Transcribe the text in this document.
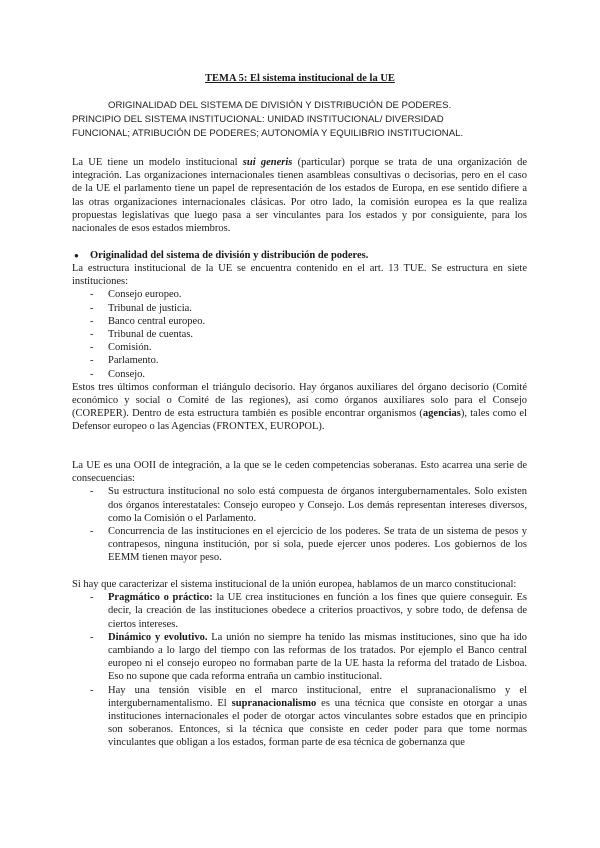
TEMA 5: El sistema institucional de la UE
ORIGINALIDAD DEL SISTEMA DE DIVISIÓN Y DISTRIBUCIÓN DE PODERES.
PRINCIPIO DEL SISTEMA INSTITUCIONAL: UNIDAD INSTITUCIONAL/ DIVERSIDAD
FUNCIONAL; ATRIBUCIÓN DE PODERES; AUTONOMÍA Y EQUILIBRIO INSTITUCIONAL.
La UE tiene un modelo institucional sui generis (particular) porque se trata de una organización de integración. Las organizaciones internacionales tienen asambleas consultivas o decisorias, pero en el caso de la UE el parlamento tiene un papel de representación de los estados de Europa, en ese sentido difiere a las otras organizaciones internacionales clásicas. Por otro lado, la comisión europea es la que realiza propuestas legislativas que luego pasa a ser vinculantes para los estados y por consiguiente, para los nacionales de esos estados miembros.
● Originalidad del sistema de división y distribución de poderes.
La estructura institucional de la UE se encuentra contenido en el art. 13 TUE. Se estructura en siete instituciones:
- Consejo europeo.
- Tribunal de justicia.
- Banco central europeo.
- Tribunal de cuentas.
- Comisión.
- Parlamento.
- Consejo.
Estos tres últimos conforman el triángulo decisorio. Hay órganos auxiliares del órgano decisorio (Comité económico y social o Comité de las regiones), así como órganos auxiliares solo para el Consejo (COREPER). Dentro de esta estructura también es posible encontrar organismos (agencias), tales como el Defensor europeo o las Agencias (FRONTEX, EUROPOL).
La UE es una OOII de integración, a la que se le ceden competencias soberanas. Esto acarrea una serie de consecuencias:
- Su estructura institucional no solo está compuesta de órganos intergubernamentales. Solo existen dos órganos interestatales: Consejo europeo y Consejo. Los demás representan intereses diversos, como la Comisión o el Parlamento.
- Concurrencia de las instituciones en el ejercicio de los poderes. Se trata de un sistema de pesos y contrapesos, ninguna institución, por si sola, puede ejercer unos poderes. Los gobiernos de los EEMM tienen mayor peso.
Si hay que caracterizar el sistema institucional de la unión europea, hablamos de un marco constitucional:
- Pragmático o práctico: la UE crea instituciones en función a los fines que quiere conseguir. Es decir, la creación de las instituciones obedece a criterios proactivos, y sobre todo, de defensa de ciertos intereses.
- Dinámico y evolutivo. La unión no siempre ha tenido las mismas instituciones, sino que ha ido cambiando a lo largo del tiempo con las reformas de los tratados. Por ejemplo el Banco central europeo ni el consejo europeo no formaban parte de la UE hasta la reforma del tratado de Lisboa. Eso no supone que cada reforma entraña un cambio institucional.
- Hay una tensión visible en el marco institucional, entre el supranacionalismo y el intergubernamentalismo. El supranacionalismo es una técnica que consiste en otorgar a unas instituciones internacionales el poder de otorgar actos vinculantes sobre estados que en principio son soberanos. Entonces, si la técnica que consiste en ceder poder para que tome normas vinculantes que obligan a los estados, forman parte de esa técnica de gobernanza que
